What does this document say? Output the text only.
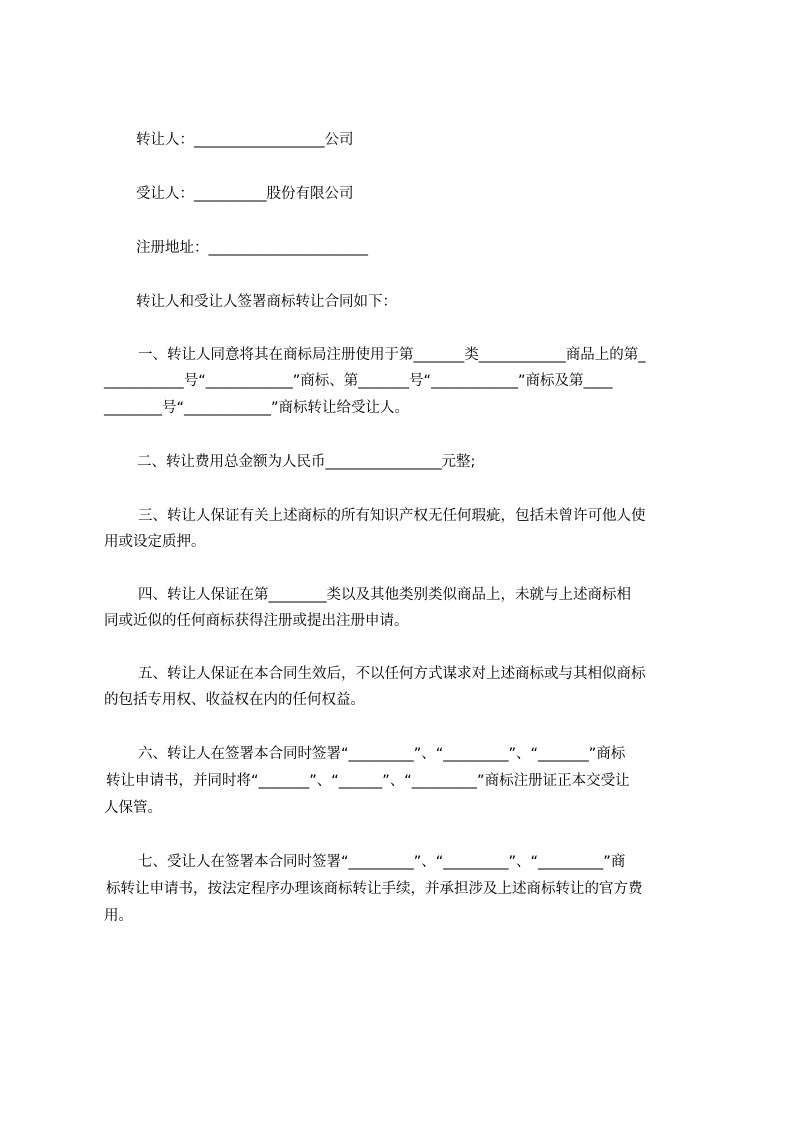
转让人：__________________公司
受让人：__________股份有限公司
注册地址：______________________
转让人和受让人签署商标转让合同如下：
一、转让人同意将其在商标局注册使用于第_______类____________商品上的第_
___________号“____________”商标、第_______号“____________”商标及第____
________号“____________”商标转让给受让人。
二、转让费用总金额为人民币________________元整;
三、转让人保证有关上述商标的所有知识产权无任何瑕疵，包括未曾许可他人使
用或设定质押。
四、转让人保证在第________类以及其他类别类似商品上，未就与上述商标相
同或近似的任何商标获得注册或提出注册申请。
五、转让人保证在本合同生效后，不以任何方式谋求对上述商标或与其相似商标
的包括专用权、收益权在内的任何权益。
六、转让人在签署本合同时签署“_________”、“_________”、“_______”商标
转让申请书，并同时将“_______”、“______”、“_________”商标注册证正本交受让
人保管。
七、受让人在签署本合同时签署“_________”、“_________”、“_________”商
标转让申请书，按法定程序办理该商标转让手续，并承担涉及上述商标转让的官方费
用。
